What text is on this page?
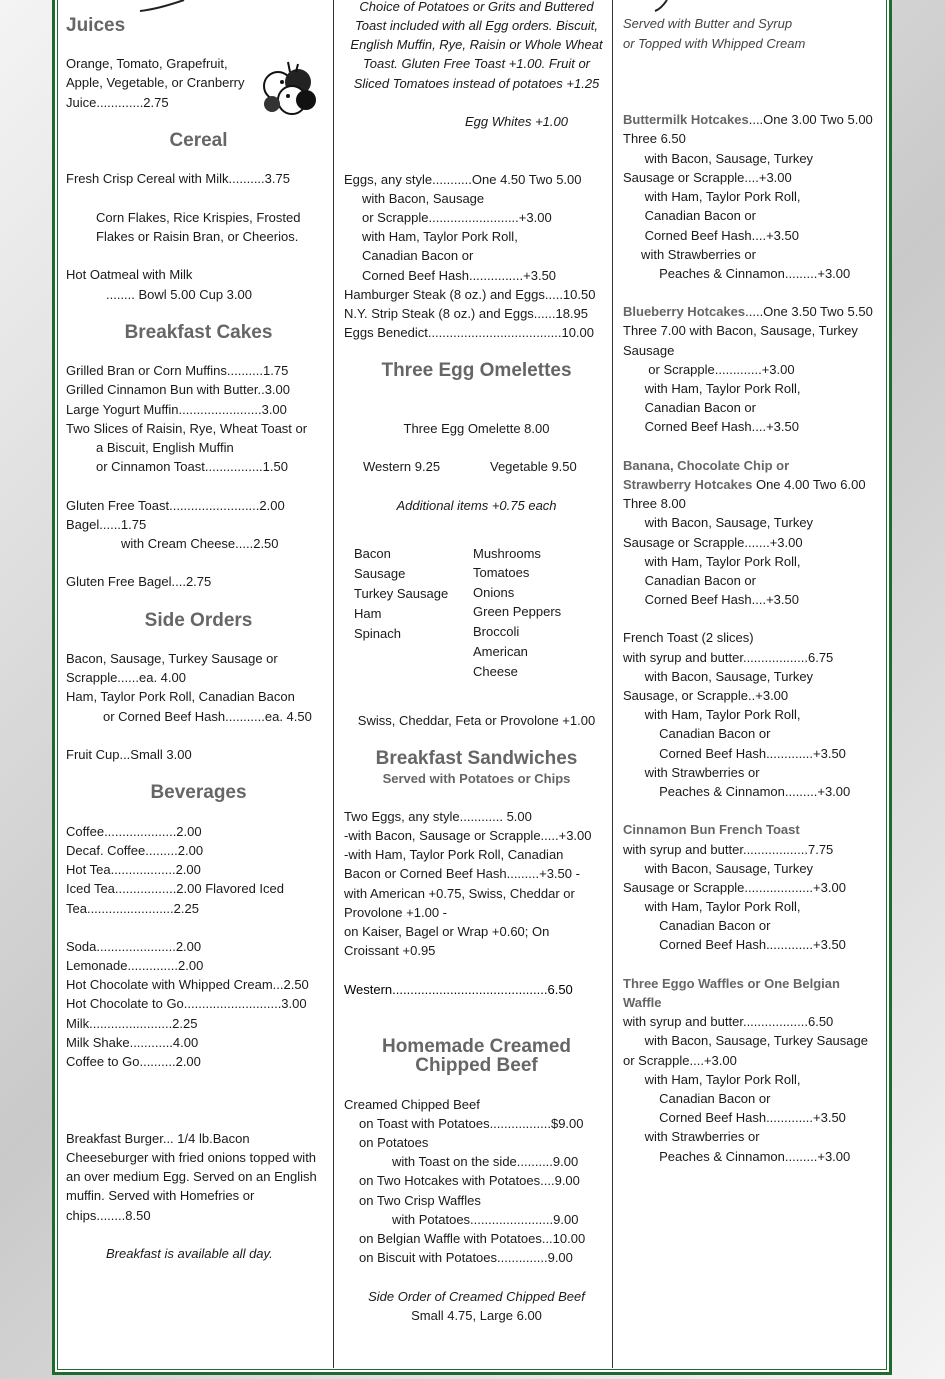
Juices
Orange, Tomato, Grapefruit,
Apple, Vegetable, or Cranberry
Juice.............2.75
Cereal
Fresh Crisp Cereal with Milk..........3.75
Corn Flakes, Rice Krispies, Frosted
Flakes or Raisin Bran, or Cheerios.
Hot Oatmeal with Milk
........ Bowl 5.00 Cup 3.00
Breakfast Cakes
Grilled Bran or Corn Muffins..........1.75
Grilled Cinnamon Bun with Butter..3.00
Large Yogurt Muffin.......................3.00
Two Slices of Raisin, Rye, Wheat Toast or
a Biscuit, English Muffin
or Cinnamon Toast................1.50
Gluten Free Toast.........................2.00
Bagel......1.75
with Cream Cheese.....2.50
Gluten Free Bagel....2.75
Side Orders
Bacon, Sausage, Turkey Sausage or
Scrapple......ea. 4.00
Ham, Taylor Pork Roll, Canadian Bacon
or Corned Beef Hash...........ea. 4.50
Fruit Cup...Small 3.00
Beverages
Coffee....................2.00
Decaf. Coffee.........2.00
Hot Tea..................2.00
Iced Tea.................2.00 Flavored Iced
Tea........................2.25
Soda......................2.00
Lemonade..............2.00
Hot Chocolate with Whipped Cream...2.50
Hot Chocolate to Go...........................3.00
Milk.......................2.25
Milk Shake............4.00
Coffee to Go..........2.00
Breakfast Burger... 1/4 lb.Bacon
Cheeseburger with fried onions topped with
an over medium Egg. Served on an English
muffin. Served with Homefries or
chips........8.50
Breakfast is available all day.
Choice of Potatoes or Grits and Buttered
Toast included with all Egg orders. Biscuit,
English Muffin, Rye, Raisin or Whole Wheat
Toast. Gluten Free Toast +1.00. Fruit or
Sliced Tomatoes instead of potatoes +1.25
Egg Whites +1.00
Eggs, any style...........One 4.50 Two 5.00
with Bacon, Sausage
or Scrapple.........................+3.00
with Ham, Taylor Pork Roll,
Canadian Bacon or
Corned Beef Hash...............+3.50
Hamburger Steak (8 oz.) and Eggs.....10.50
N.Y. Strip Steak (8 oz.) and Eggs......18.95
Eggs Benedict.....................................10.00
Three Egg Omelettes
Three Egg Omelette 8.00
Western 9.25	Vegetable 9.50
Additional items +0.75 each
Bacon
Sausage
Turkey Sausage
Ham
Spinach
Mushrooms
Tomatoes
Onions
Green Peppers
Broccoli
American
Cheese
Swiss, Cheddar, Feta or Provolone +1.00
Breakfast Sandwiches
Served with Potatoes or Chips
Two Eggs, any style............ 5.00
-with Bacon, Sausage or Scrapple.....+3.00
-with Ham, Taylor Pork Roll, Canadian
Bacon or Corned Beef Hash.........+3.50 -
with American +0.75, Swiss, Cheddar or
Provolone +1.00 -
on Kaiser, Bagel or Wrap +0.60; On
Croissant +0.95
Western...........................................6.50
Homemade Creamed
Chipped Beef
Creamed Chipped Beef
on Toast with Potatoes.................$9.00
on Potatoes
with Toast on the side..........9.00
on Two Hotcakes with Potatoes....9.00
on Two Crisp Waffles
with Potatoes.......................9.00
on Belgian Waffle with Potatoes...10.00
on Biscuit with Potatoes..............9.00
Side Order of Creamed Chipped Beef
Small 4.75, Large 6.00
Served with Butter and Syrup
or Topped with Whipped Cream
Buttermilk Hotcakes....One 3.00 Two 5.00
Three 6.50
with Bacon, Sausage, Turkey
Sausage or Scrapple....+3.00
with Ham, Taylor Pork Roll,
Canadian Bacon or
Corned Beef Hash....+3.50
with Strawberries or
Peaches & Cinnamon.........+3.00
Blueberry Hotcakes.....One 3.50 Two 5.50
Three 7.00 with Bacon, Sausage, Turkey
Sausage
or Scrapple.............+3.00
with Ham, Taylor Pork Roll,
Canadian Bacon or
Corned Beef Hash....+3.50
Banana, Chocolate Chip or
Strawberry Hotcakes One 4.00 Two 6.00
Three 8.00
with Bacon, Sausage, Turkey
Sausage or Scrapple.......+3.00
with Ham, Taylor Pork Roll,
Canadian Bacon or
Corned Beef Hash....+3.50
French Toast (2 slices)
with syrup and butter..................6.75
with Bacon, Sausage, Turkey
Sausage, or Scrapple..+3.00
with Ham, Taylor Pork Roll,
Canadian Bacon or
Corned Beef Hash.............+3.50
with Strawberries or
Peaches & Cinnamon.........+3.00
Cinnamon Bun French Toast
with syrup and butter..................7.75
with Bacon, Sausage, Turkey
Sausage or Scrapple...................+3.00
with Ham, Taylor Pork Roll,
Canadian Bacon or
Corned Beef Hash.............+3.50
Three Eggo Waffles or One Belgian
Waffle
with syrup and butter..................6.50
with Bacon, Sausage, Turkey Sausage
or Scrapple....+3.00
with Ham, Taylor Pork Roll,
Canadian Bacon or
Corned Beef Hash.............+3.50
with Strawberries or
Peaches & Cinnamon.........+3.00
